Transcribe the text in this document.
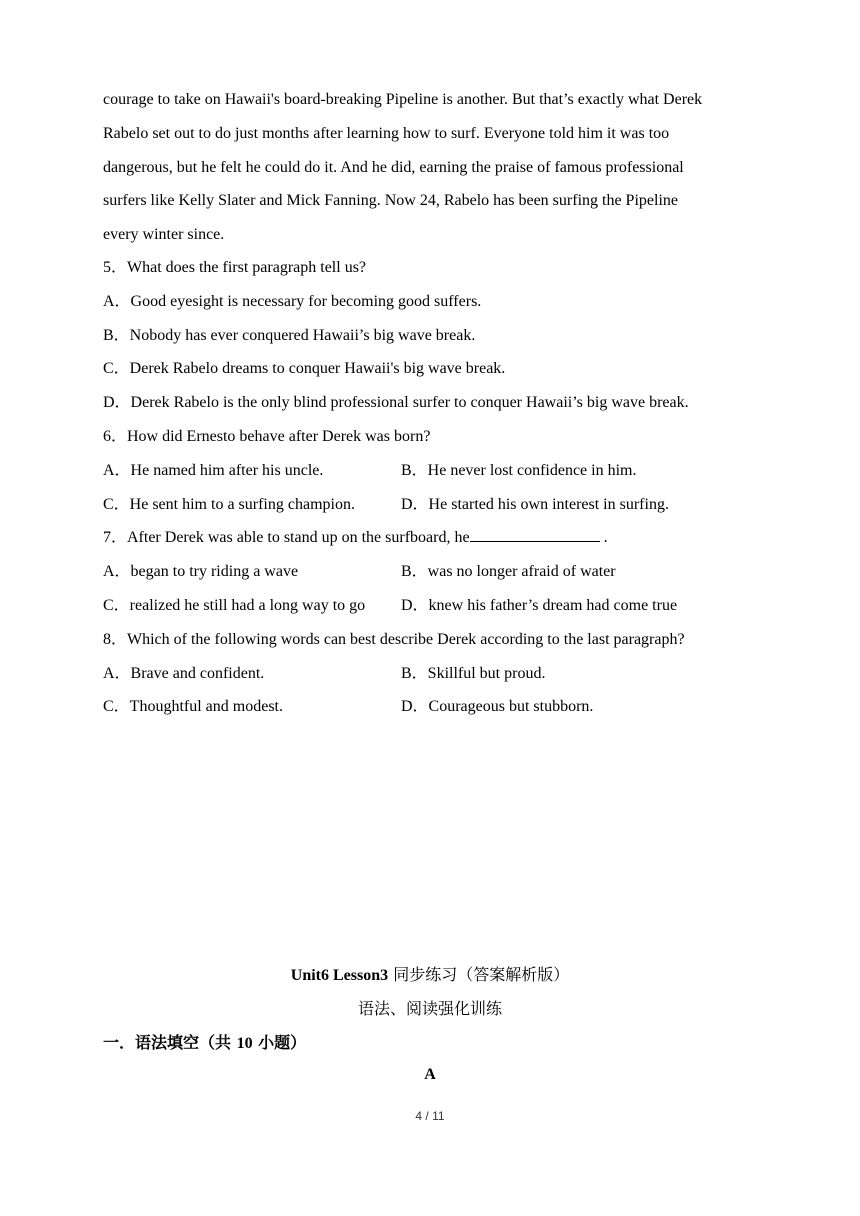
courage to take on Hawaii's board-breaking Pipeline is another. But that’s exactly what Derek
Rabelo set out to do just months after learning how to surf. Everyone told him it was too
dangerous, but he felt he could do it. And he did, earning the praise of famous professional
surfers like Kelly Slater and Mick Fanning. Now 24, Rabelo has been surfing the Pipeline
every winter since.
5．What does the first paragraph tell us?
A．Good eyesight is necessary for becoming good suffers.
B．Nobody has ever conquered Hawaii’s big wave break.
C．Derek Rabelo dreams to conquer Hawaii's big wave break.
D．Derek Rabelo is the only blind professional surfer to conquer Hawaii’s big wave break.
6．How did Ernesto behave after Derek was born?
A．He named him after his uncle.	B．He never lost confidence in him.
C．He sent him to a surfing champion.	D．He started his own interest in surfing.
7．After Derek was able to stand up on the surfboard, he	.
A．began to try riding a wave	B．was no longer afraid of water
C．realized he still had a long way to go	D．knew his father’s dream had come true
8．Which of the following words can best describe Derek according to the last paragraph?
A．Brave and confident.	B．Skillful but proud.
C．Thoughtful and modest.	D．Courageous but stubborn.
Unit6 Lesson3 同步练习（答案解析版）
语法、阅读强化训练
一．语法填空（共 10 小题）
A
4 / 11
